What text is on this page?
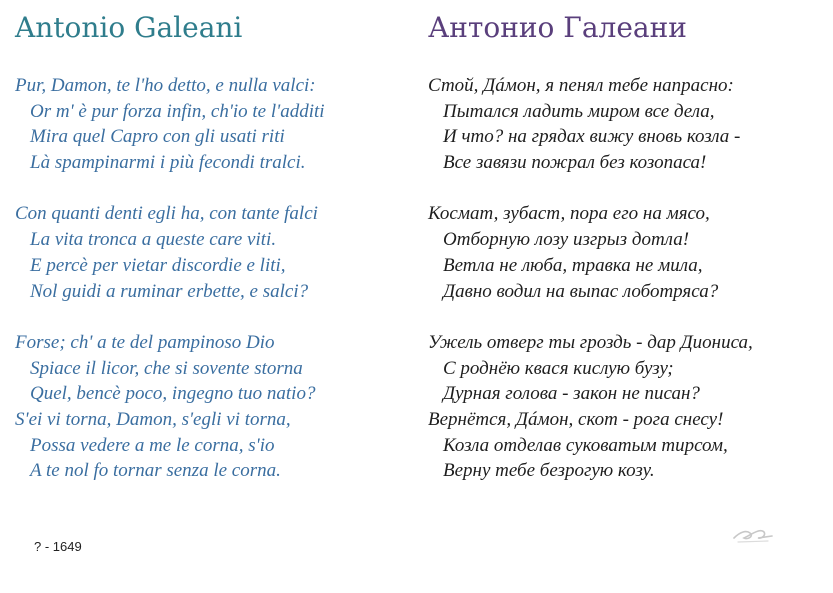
Antonio Galeani
Pur, Damon, te l'ho detto, e nulla valci:
Or m' è pur forza infin, ch'io te l'additi
Mira quel Capro con gli usati riti
Là spampinarmi i più fecondi tralci.
Con quanti denti egli ha, con tante falci
La vita tronca a queste care viti.
E percè per vietar discordie e liti,
Nol guidi a ruminar erbette, e salci?
Forse; ch' a te del pampinoso Dio
Spiace il licor, che si sovente storna
Quel, bencè poco, ingegno tuo natio?
S'ei vi torna, Damon, s'egli vi torna,
Possa vedere a me le corna, s'io
A te nol fo tornar senza le corna.
Антонио Галеани
Стой, Дáмон, я пенял тебе напрасно:
Пытался ладить миром все дела,
И что? на грядах вижу вновь козла -
Все завязи пожрал без козопаса!
Космат, зубаст, пора его на мясо,
Отборную лозу изгрыз дотла!
Ветла не люба, травка не мила,
Давно водил на выпас лоботряса?
Ужель отверг ты гроздь - дар Диониса,
С роднёю квася кислую бузу;
Дурная голова - закон не писан?
Вернётся, Дáмон, скот - рога снесу!
Козла отделав суковатым тирсом,
Верну тебе безрогую козу.
? - 1649
